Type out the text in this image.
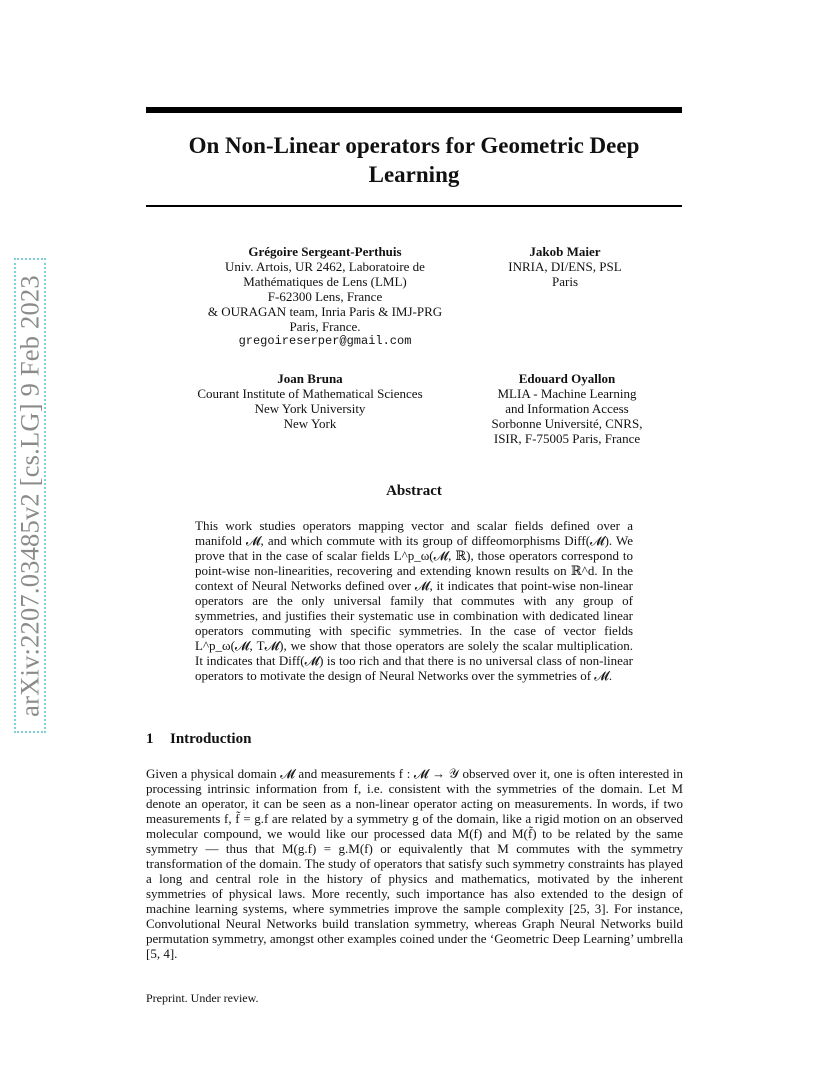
arXiv:2207.03485v2 [cs.LG] 9 Feb 2023
On Non-Linear operators for Geometric Deep Learning
Grégoire Sergeant-Perthuis
Univ. Artois, UR 2462, Laboratoire de
Mathématiques de Lens (LML)
F-62300 Lens, France
& OURAGAN team, Inria Paris & IMJ-PRG
Paris, France.
gregoireserper@gmail.com
Jakob Maier
INRIA, DI/ENS, PSL
Paris
Joan Bruna
Courant Institute of Mathematical Sciences
New York University
New York
Edouard Oyallon
MLIA - Machine Learning
and Information Access
Sorbonne Université, CNRS,
ISIR, F-75005 Paris, France
Abstract
This work studies operators mapping vector and scalar fields defined over a manifold 𝓜, and which commute with its group of diffeomorphisms Diff(𝓜). We prove that in the case of scalar fields L^p_ω(𝓜, ℝ), those operators correspond to point-wise non-linearities, recovering and extending known results on ℝ^d. In the context of Neural Networks defined over 𝓜, it indicates that point-wise non-linear operators are the only universal family that commutes with any group of symmetries, and justifies their systematic use in combination with dedicated linear operators commuting with specific symmetries. In the case of vector fields L^p_ω(𝓜, T𝓜), we show that those operators are solely the scalar multiplication. It indicates that Diff(𝓜) is too rich and that there is no universal class of non-linear operators to motivate the design of Neural Networks over the symmetries of 𝓜.
1 Introduction
Given a physical domain 𝓜 and measurements f : 𝓜 → 𝒴 observed over it, one is often interested in processing intrinsic information from f, i.e. consistent with the symmetries of the domain. Let M denote an operator, it can be seen as a non-linear operator acting on measurements. In words, if two measurements f, f̃ = g.f are related by a symmetry g of the domain, like a rigid motion on an observed molecular compound, we would like our processed data M(f) and M(f̃) to be related by the same symmetry — thus that M(g.f) = g.M(f) or equivalently that M commutes with the symmetry transformation of the domain. The study of operators that satisfy such symmetry constraints has played a long and central role in the history of physics and mathematics, motivated by the inherent symmetries of physical laws. More recently, such importance has also extended to the design of machine learning systems, where symmetries improve the sample complexity [25, 3]. For instance, Convolutional Neural Networks build translation symmetry, whereas Graph Neural Networks build permutation symmetry, amongst other examples coined under the ‘Geometric Deep Learning’ umbrella [5, 4].
Preprint. Under review.
